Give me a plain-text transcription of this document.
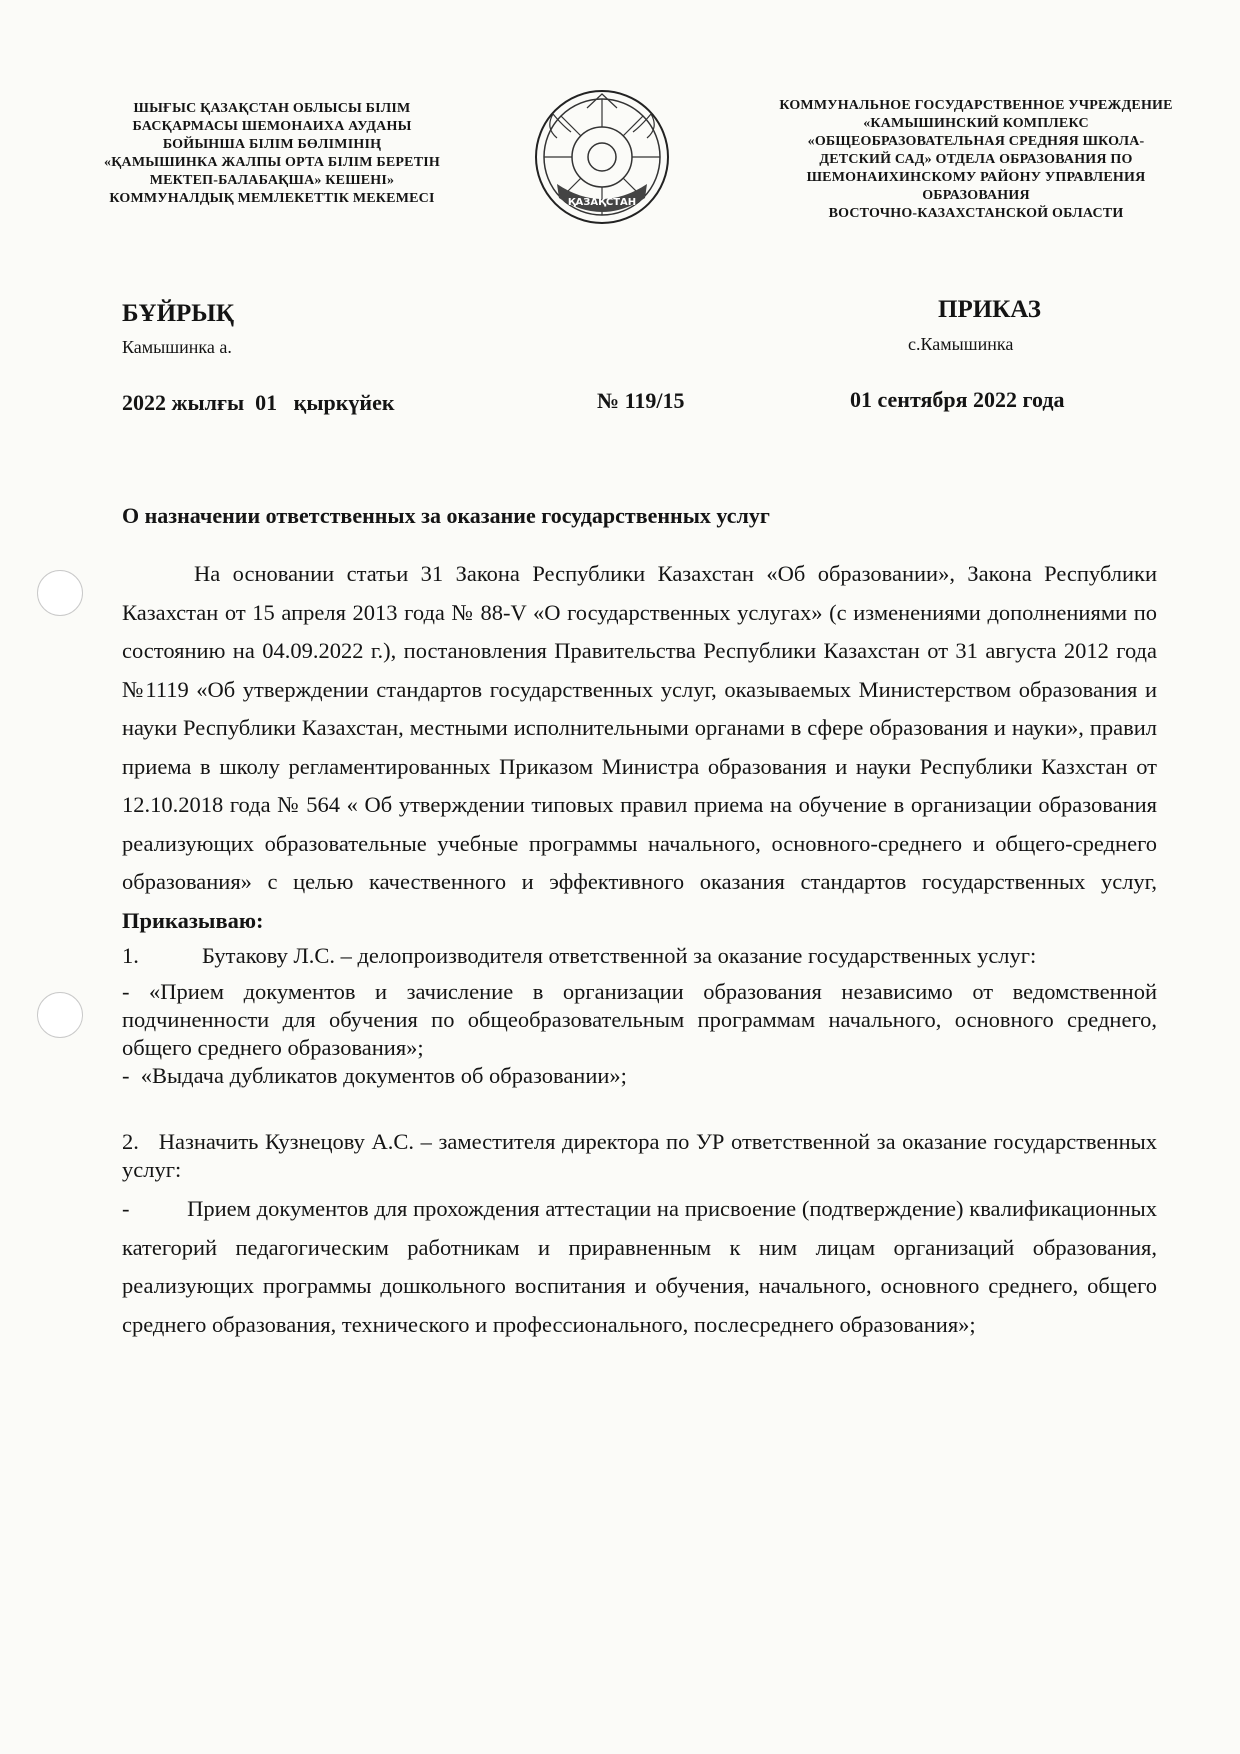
ШЫҒЫС ҚАЗАҚСТАН ОБЛЫСЫ БІЛІМ
БАСҚАРМАСЫ ШЕМОНАИХА АУДАНЫ
БОЙЫНША БІЛІМ БӨЛІМІНІҢ
«ҚАМЫШИНКА ЖАЛПЫ ОРТА БІЛІМ БЕРЕТІН
МЕКТЕП-БАЛАБАҚША» КЕШЕНІ»
КОММУНАЛДЫҚ МЕМЛЕКЕТТІК МЕКЕМЕСІ	ҚАЗАҚСТАН
КОММУНАЛЬНОЕ ГОСУДАРСТВЕННОЕ УЧРЕЖДЕНИЕ
«КАМЫШИНСКИЙ КОМПЛЕКС
«ОБЩЕОБРАЗОВАТЕЛЬНАЯ СРЕДНЯЯ ШКОЛА-
ДЕТСКИЙ САД» ОТДЕЛА ОБРАЗОВАНИЯ ПО
ШЕМОНАИХИНСКОМУ РАЙОНУ УПРАВЛЕНИЯ
ОБРАЗОВАНИЯ
ВОСТОЧНО-КАЗАХСТАНСКОЙ ОБЛАСТИ
БҰЙРЫҚ
Камышинка а.
ПРИКАЗ
с.Камышинка
2022 жылғы  01   қыркүйек	№ 119/15	01 сентября 2022 года
О назначении ответственных за оказание государственных услуг

На основании статьи 31 Закона Республики Казахстан «Об образовании», Закона Республики Казахстан от 15 апреля 2013 года № 88-V «О государственных услугах» (с изменениями дополнениями по состоянию на 04.09.2022 г.), постановления Правительства Республики Казахстан от 31 августа 2012 года №1119 «Об утверждении стандартов государственных услуг, оказываемых Министерством образования и науки Республики Казахстан, местными исполнительными органами в сфере образования и науки», правил приема в школу регламентированных Приказом Министра образования и науки Республики Казхстан от 12.10.2018 года № 564 « Об утверждении типовых правил приема на обучение в организации образования реализующих образовательные учебные программы начального, основного-среднего и общего-среднего образования» с целью качественного и эффективного оказания стандартов государственных услуг, Приказываю:

1.	Бутакову Л.С. – делопроизводителя ответственной за оказание государственных услуг:

- «Прием документов и зачисление в организации образования независимо от ведомственной подчиненности для обучения по общеобразовательным программам начального, основного среднего, общего среднего образования»;

-  «Выдача дубликатов документов об образовании»;

2.   Назначить Кузнецову А.С. – заместителя директора по УР ответственной за оказание государственных услуг:

-          Прием документов для прохождения аттестации на присвоение (подтверждение) квалификационных категорий педагогическим работникам и приравненным к ним лицам организаций образования, реализующих программы дошкольного воспитания и обучения, начального, основного среднего, общего среднего образования, технического и профессионального, послесреднего образования»;
